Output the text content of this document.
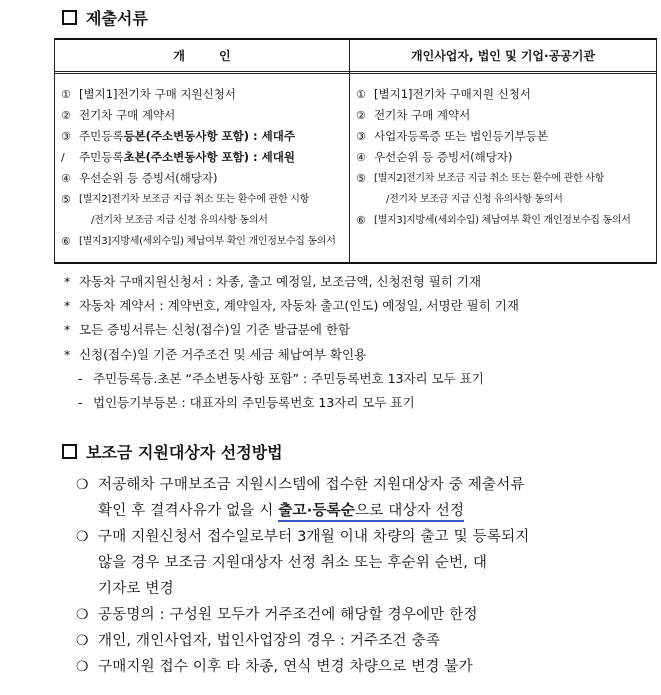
제출서류
개인	개인사업자, 법인 및 기업·공공기관
① [별지1]전기차 구매 지원신청서
② 전기차 구매 계약서
③ 주민등록 등본(주소변동사항 포함) : 세대주
/	주민등록 초본(주소변동사항 포함) : 세대원
④ 우선순위 등 증빙서(해당자)
⑤ [별지2]전기차 보조금 지급 취소 또는 환수에 관한 시항
/전기차 보조금 지급 신청 유의사항 동의서
⑥ [별지3]지방세(세외수입) 체납여부 확인 개인정보수집 동의서
① [별지1]전기차 구매지원 신청서
② 전기차 구매 계약서
③ 사업자등록증 또는 법인등기부등본
④ 우선순위 등 증빙서(해당자)
⑤ [별지2]전기차 보조금 지급 취소 또는 환수에 관한 사항
/전기차 보조금 지급 신청 유의사항 동의서
⑥ [별지3]지방세(세외수입) 체납여부 확인 개인정보수집 동의서
* 자동차 구매지원신청서 : 차종, 출고 예정일, 보조금액, 신청전형 필히 기재
* 자동차 계약서 : 계약번호, 계약일자, 자동차 출고(인도) 예정일, 서명란 필히 기재
* 모든 증빙서류는 신청(접수)일 기준 발급분에 한함
* 신청(접수)일 기준 거주조건 및 세금 체납여부 확인용
- 주민등록등.초본 “주소변동사항 포함” : 주민등록번호 13자리 모두 표기
- 법인등기부등본 : 대표자의 주민등록번호 13자리 모두 표기
보조금 지원대상자 선정방법
❍ 저공해차 구매보조금 지원시스템에 접수한 지원대상자 중 제출서류
확인 후 결격사유가 없을 시 출고·등록순으로 대상자 선정
❍ 구매 지원신청서 접수일로부터 3개월 이내 차량의 출고 및 등록되지
않을 경우 보조금 지원대상자 선정 취소 또는 후순위 순번, 대
기자로 변경
❍ 공동명의 : 구성원 모두가 거주조건에 해당할 경우에만 한정
❍ 개인, 개인사업자, 법인사업장의 경우 : 거주조건 충족
❍ 구매지원 접수 이후 타 차종, 연식 변경 차량으로 변경 불가
